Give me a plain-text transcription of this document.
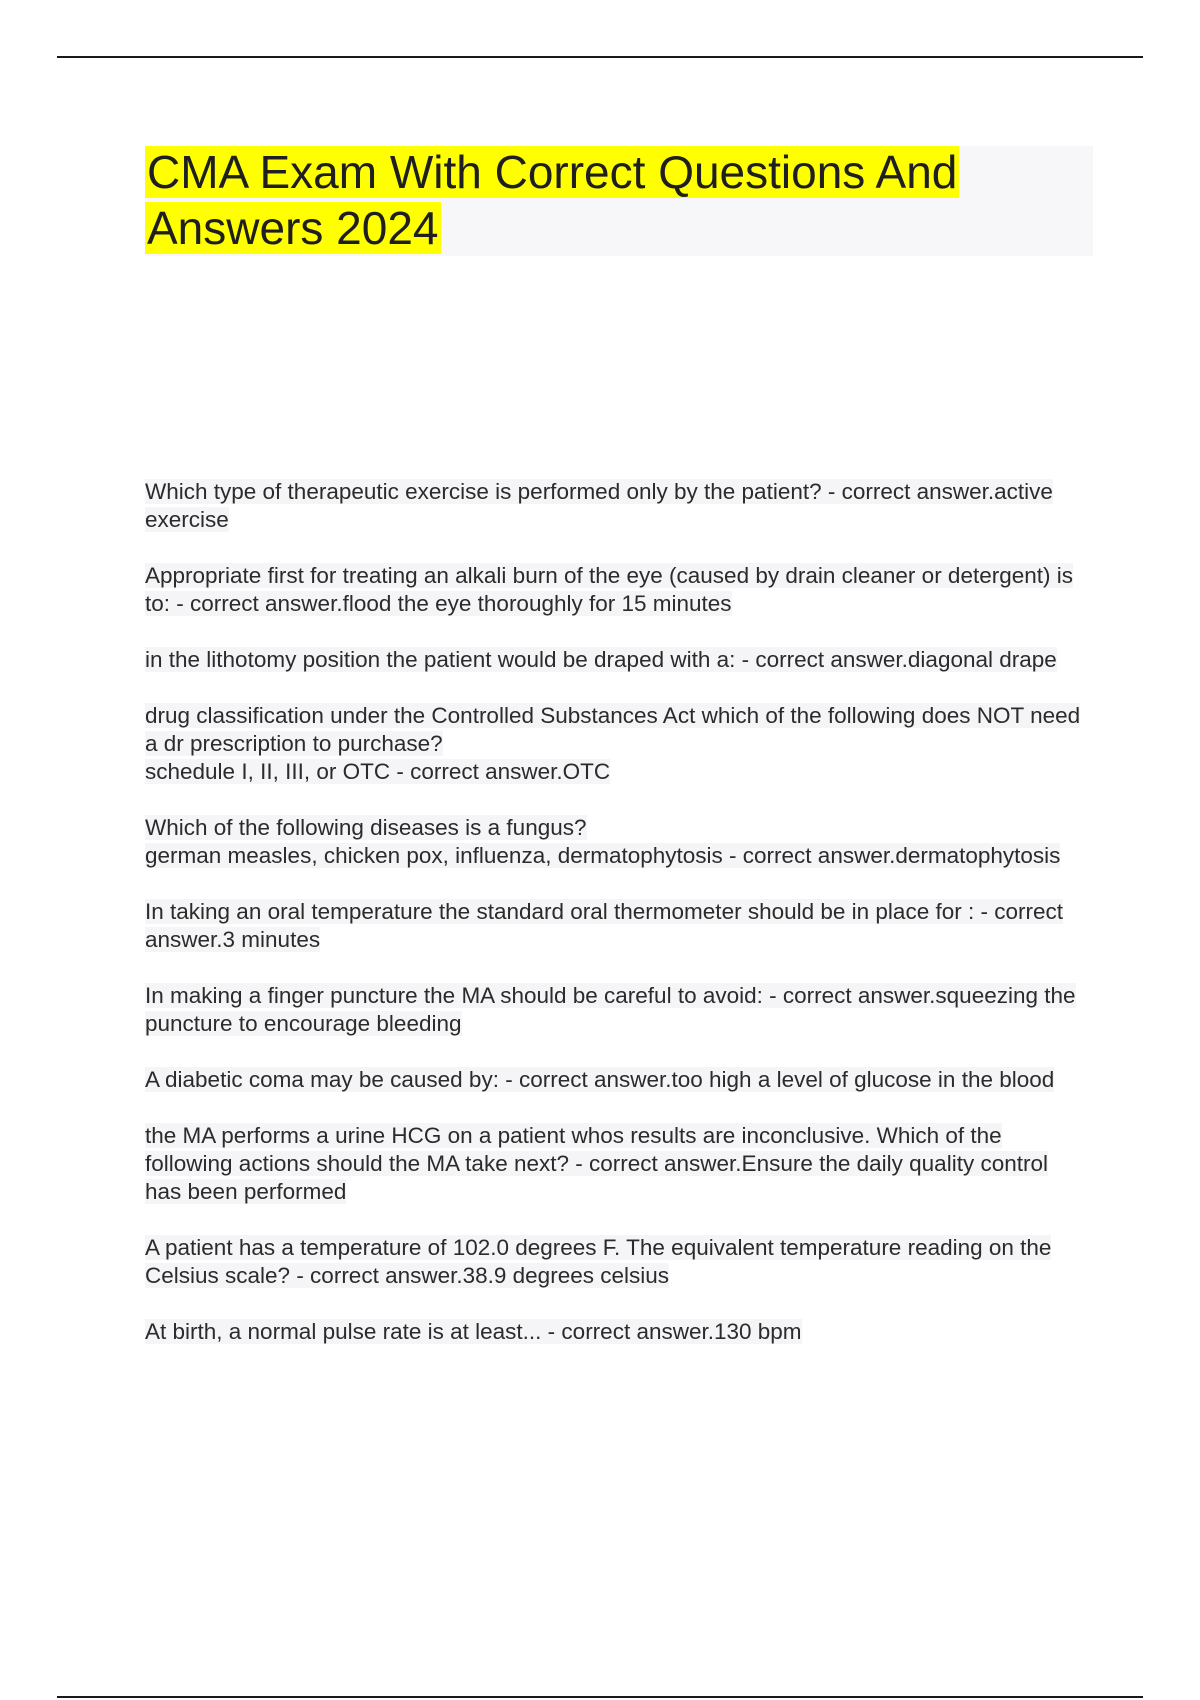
CMA Exam With Correct Questions And Answers 2024
Which type of therapeutic exercise is performed only by the patient? - correct answer.active exercise
Appropriate first for treating an alkali burn of the eye (caused by drain cleaner or detergent) is to: - correct answer.flood the eye thoroughly for 15 minutes
in the lithotomy position the patient would be draped with a: - correct answer.diagonal drape
drug classification under the Controlled Substances Act which of the following does NOT need a dr prescription to purchase?
schedule I, II, III, or OTC - correct answer.OTC
Which of the following diseases is a fungus?
german measles, chicken pox, influenza, dermatophytosis - correct answer.dermatophytosis
In taking an oral temperature the standard oral thermometer should be in place for : - correct answer.3 minutes
In making a finger puncture the MA should be careful to avoid: - correct answer.squeezing the puncture to encourage bleeding
A diabetic coma may be caused by: - correct answer.too high a level of glucose in the blood
the MA performs a urine HCG on a patient whos results are inconclusive. Which of the following actions should the MA take next? - correct answer.Ensure the daily quality control has been performed
A patient has a temperature of 102.0 degrees F. The equivalent temperature reading on the Celsius scale? - correct answer.38.9 degrees celsius
At birth, a normal pulse rate is at least... - correct answer.130 bpm
